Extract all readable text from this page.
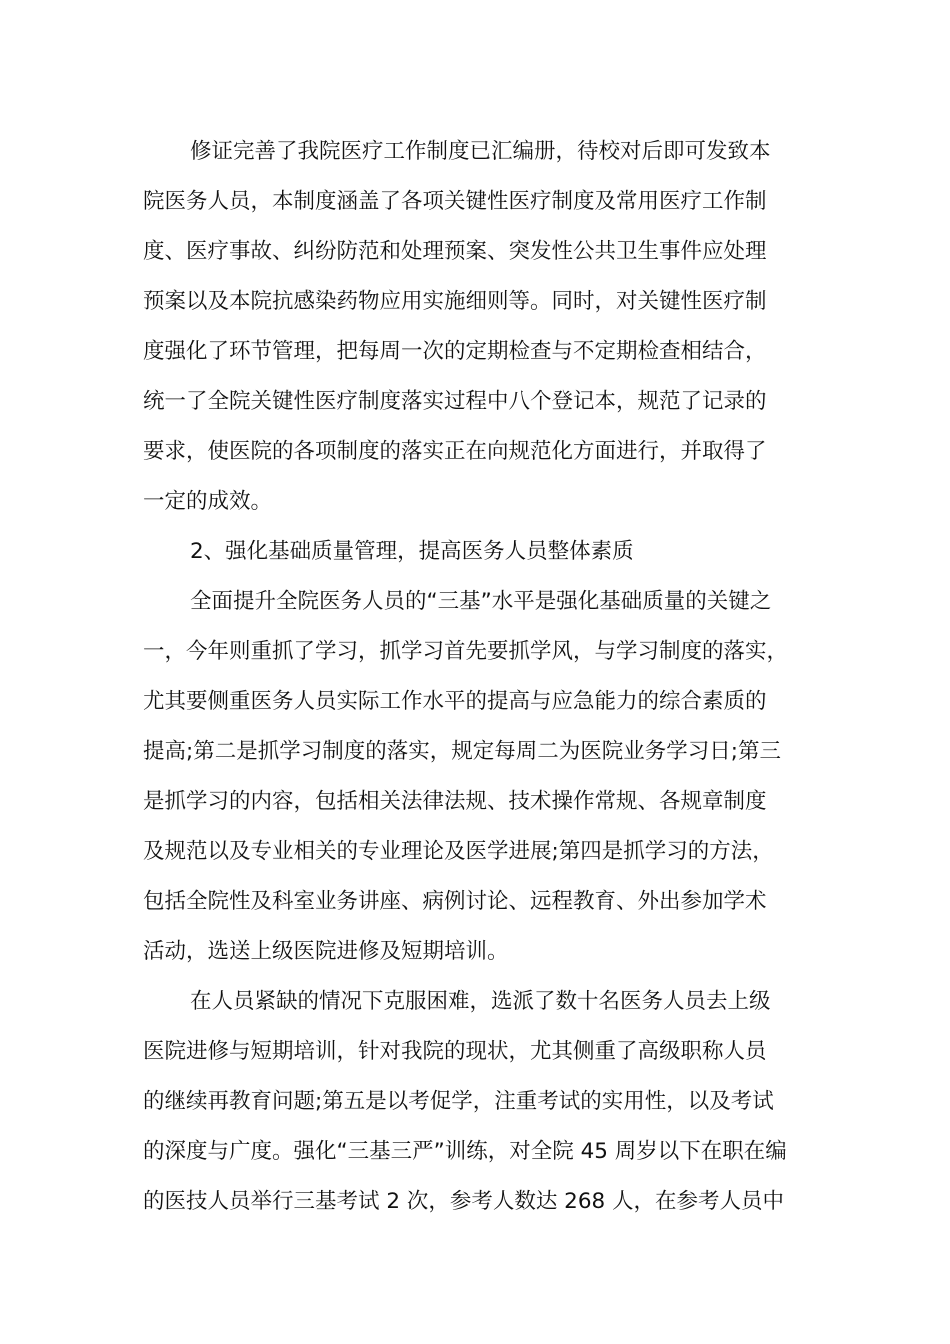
修证完善了我院医疗工作制度已汇编册，待校对后即可发致本

院医务人员，本制度涵盖了各项关键性医疗制度及常用医疗工作制

度、医疗事故、纠纷防范和处理预案、突发性公共卫生事件应处理

预案以及本院抗感染药物应用实施细则等。同时，对关键性医疗制

度强化了环节管理，把每周一次的定期检查与不定期检查相结合，

统一了全院关键性医疗制度落实过程中八个登记本，规范了记录的

要求，使医院的各项制度的落实正在向规范化方面进行，并取得了

一定的成效。

2、强化基础质量管理，提高医务人员整体素质

全面提升全院医务人员的“三基”水平是强化基础质量的关键之

一，今年则重抓了学习，抓学习首先要抓学风，与学习制度的落实，

尤其要侧重医务人员实际工作水平的提高与应急能力的综合素质的

提高;第二是抓学习制度的落实，规定每周二为医院业务学习日;第三

是抓学习的内容，包括相关法律法规、技术操作常规、各规章制度

及规范以及专业相关的专业理论及医学进展;第四是抓学习的方法，

包括全院性及科室业务讲座、病例讨论、远程教育、外出参加学术

活动，选送上级医院进修及短期培训。

在人员紧缺的情况下克服困难，选派了数十名医务人员去上级

医院进修与短期培训，针对我院的现状，尤其侧重了高级职称人员

的继续再教育问题;第五是以考促学，注重考试的实用性，以及考试

的深度与广度。强化“三基三严”训练，对全院 45 周岁以下在职在编

的医技人员举行三基考试 2 次，参考人数达 268 人，在参考人员中
